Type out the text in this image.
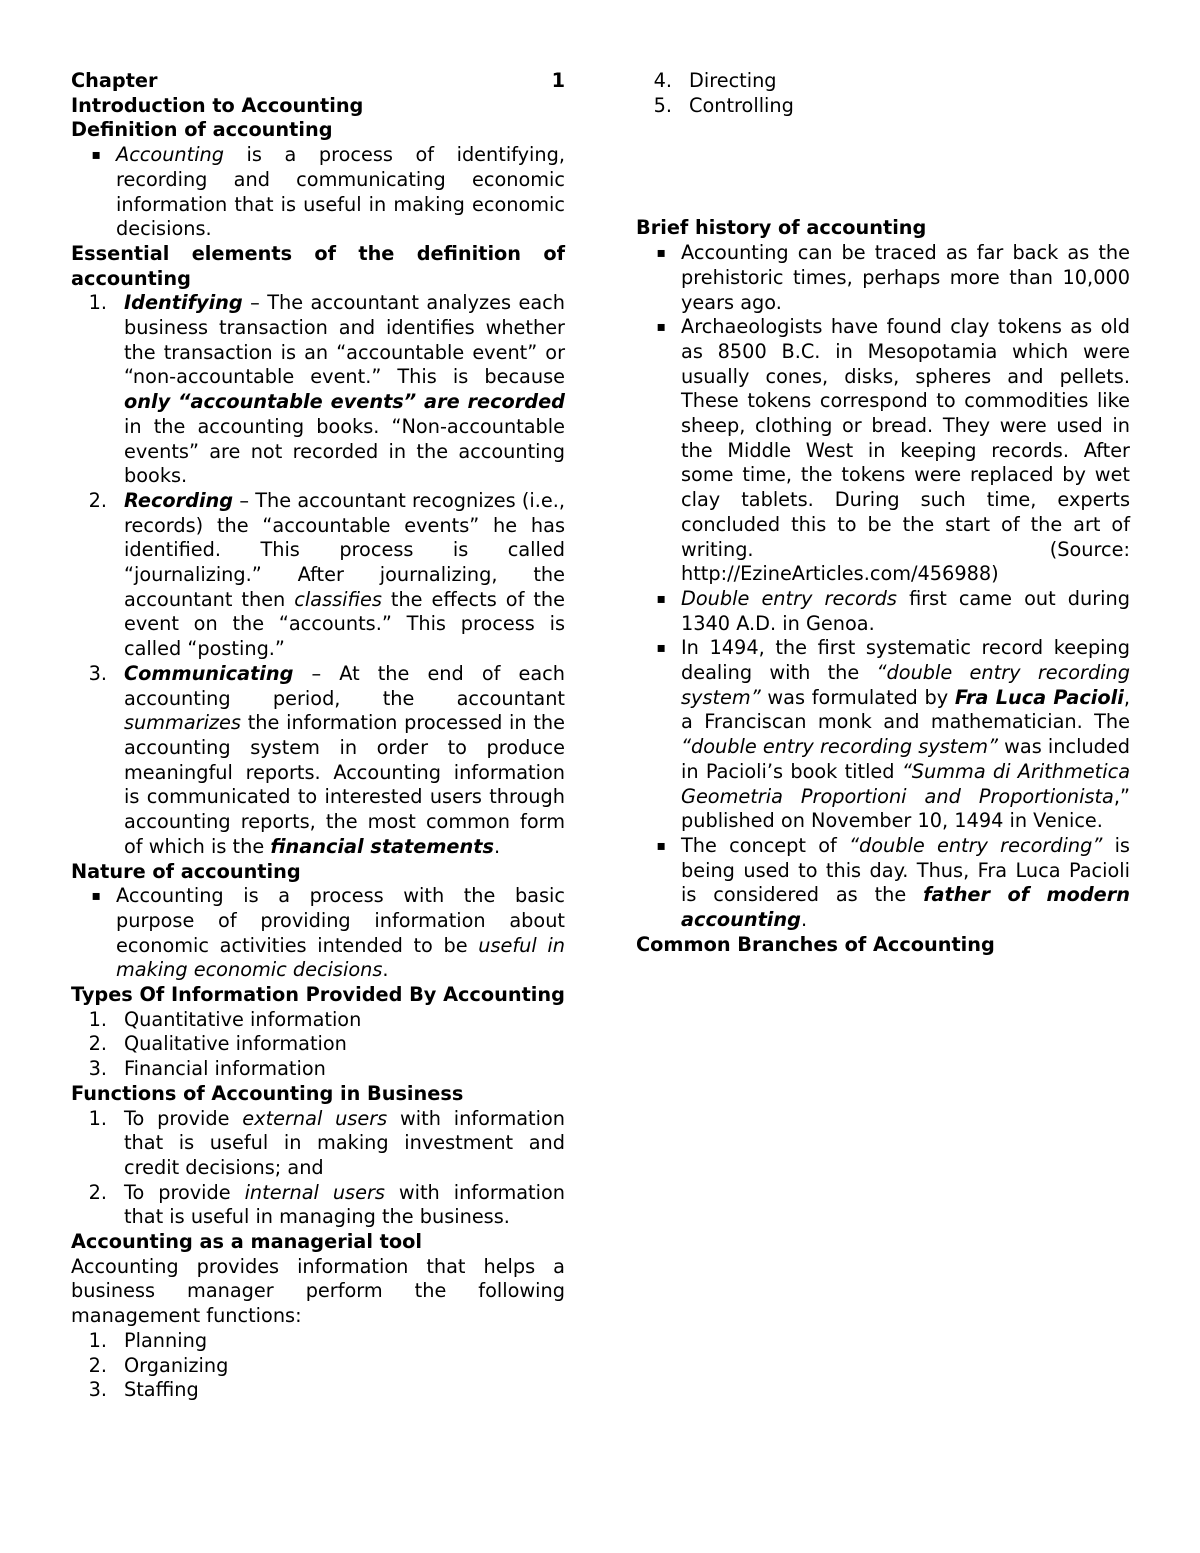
Chapter	1
Introduction to Accounting
Definition of accounting
▪ Accounting is a process of identifying, recording and communicating economic information that is useful in making economic decisions.
Essential elements of the definition of accounting
1. Identifying – The accountant analyzes each business transaction and identifies whether the transaction is an “accountable event” or “non-accountable event.” This is because only “accountable events” are recorded in the accounting books. “Non-accountable events” are not recorded in the accounting books.
2. Recording – The accountant recognizes (i.e., records) the “accountable events” he has identified. This process is called “journalizing.” After journalizing, the accountant then classifies the effects of the event on the “accounts.” This process is called “posting.”
3. Communicating – At the end of each accounting period, the accountant summarizes the information processed in the accounting system in order to produce meaningful reports. Accounting information is communicated to interested users through accounting reports, the most common form of which is the financial statements.
Nature of accounting
▪ Accounting is a process with the basic purpose of providing information about economic activities intended to be useful in making economic decisions.
Types Of Information Provided By Accounting
1. Quantitative information
2. Qualitative information
3. Financial information
Functions of Accounting in Business
1. To provide external users with information that is useful in making investment and credit decisions; and
2. To provide internal users with information that is useful in managing the business.
Accounting as a managerial tool
Accounting provides information that helps a business manager perform the following management functions:
1. Planning
2. Organizing
3. Staffing
4. Directing
5. Controlling
Brief history of accounting
▪ Accounting can be traced as far back as the prehistoric times, perhaps more than 10,000 years ago.
▪ Archaeologists have found clay tokens as old as 8500 B.C. in Mesopotamia which were usually cones, disks, spheres and pellets. These tokens correspond to commodities like sheep, clothing or bread. They were used in the Middle West in keeping records. After some time, the tokens were replaced by wet clay tablets. During such time, experts concluded this to be the start of the art of writing. (Source: http://EzineArticles.com/456988)
▪ Double entry records first came out during 1340 A.D. in Genoa.
▪ In 1494, the first systematic record keeping dealing with the “double entry recording system” was formulated by Fra Luca Pacioli, a Franciscan monk and mathematician. The “double entry recording system” was included in Pacioli’s book titled “Summa di Arithmetica Geometria Proportioni and Proportionista,” published on November 10, 1494 in Venice.
▪ The concept of “double entry recording” is being used to this day. Thus, Fra Luca Pacioli is considered as the father of modern accounting.
Common Branches of Accounting
